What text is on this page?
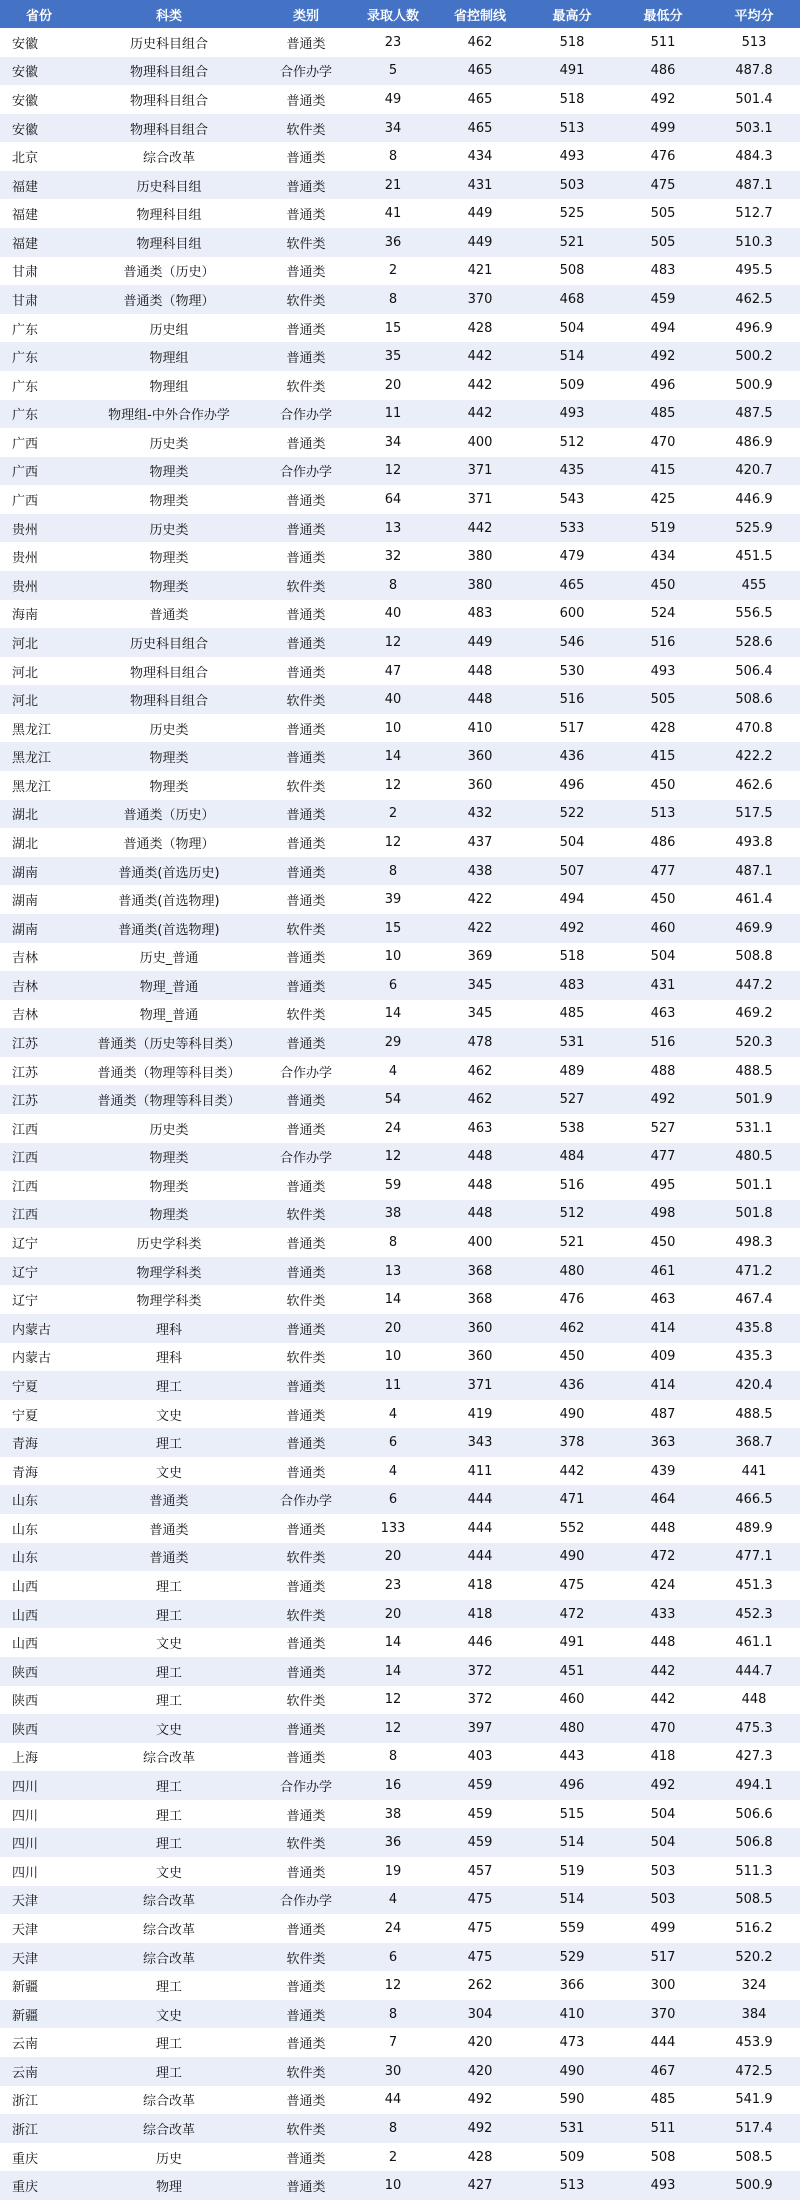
省份	科类	类别	录取人数	省控制线	最高分	最低分	平均分
安徽	历史科目组合	普通类	23	462	518	511	513
安徽	物理科目组合	合作办学	5	465	491	486	487.8
安徽	物理科目组合	普通类	49	465	518	492	501.4
安徽	物理科目组合	软件类	34	465	513	499	503.1
北京	综合改革	普通类	8	434	493	476	484.3
福建	历史科目组	普通类	21	431	503	475	487.1
福建	物理科目组	普通类	41	449	525	505	512.7
福建	物理科目组	软件类	36	449	521	505	510.3
甘肃	普通类（历史）	普通类	2	421	508	483	495.5
甘肃	普通类（物理）	软件类	8	370	468	459	462.5
广东	历史组	普通类	15	428	504	494	496.9
广东	物理组	普通类	35	442	514	492	500.2
广东	物理组	软件类	20	442	509	496	500.9
广东	物理组-中外合作办学	合作办学	11	442	493	485	487.5
广西	历史类	普通类	34	400	512	470	486.9
广西	物理类	合作办学	12	371	435	415	420.7
广西	物理类	普通类	64	371	543	425	446.9
贵州	历史类	普通类	13	442	533	519	525.9
贵州	物理类	普通类	32	380	479	434	451.5
贵州	物理类	软件类	8	380	465	450	455
海南	普通类	普通类	40	483	600	524	556.5
河北	历史科目组合	普通类	12	449	546	516	528.6
河北	物理科目组合	普通类	47	448	530	493	506.4
河北	物理科目组合	软件类	40	448	516	505	508.6
黑龙江	历史类	普通类	10	410	517	428	470.8
黑龙江	物理类	普通类	14	360	436	415	422.2
黑龙江	物理类	软件类	12	360	496	450	462.6
湖北	普通类（历史）	普通类	2	432	522	513	517.5
湖北	普通类（物理）	普通类	12	437	504	486	493.8
湖南	普通类(首选历史)	普通类	8	438	507	477	487.1
湖南	普通类(首选物理)	普通类	39	422	494	450	461.4
湖南	普通类(首选物理)	软件类	15	422	492	460	469.9
吉林	历史_普通	普通类	10	369	518	504	508.8
吉林	物理_普通	普通类	6	345	483	431	447.2
吉林	物理_普通	软件类	14	345	485	463	469.2
江苏	普通类（历史等科目类）	普通类	29	478	531	516	520.3
江苏	普通类（物理等科目类）	合作办学	4	462	489	488	488.5
江苏	普通类（物理等科目类）	普通类	54	462	527	492	501.9
江西	历史类	普通类	24	463	538	527	531.1
江西	物理类	合作办学	12	448	484	477	480.5
江西	物理类	普通类	59	448	516	495	501.1
江西	物理类	软件类	38	448	512	498	501.8
辽宁	历史学科类	普通类	8	400	521	450	498.3
辽宁	物理学科类	普通类	13	368	480	461	471.2
辽宁	物理学科类	软件类	14	368	476	463	467.4
内蒙古	理科	普通类	20	360	462	414	435.8
内蒙古	理科	软件类	10	360	450	409	435.3
宁夏	理工	普通类	11	371	436	414	420.4
宁夏	文史	普通类	4	419	490	487	488.5
青海	理工	普通类	6	343	378	363	368.7
青海	文史	普通类	4	411	442	439	441
山东	普通类	合作办学	6	444	471	464	466.5
山东	普通类	普通类	133	444	552	448	489.9
山东	普通类	软件类	20	444	490	472	477.1
山西	理工	普通类	23	418	475	424	451.3
山西	理工	软件类	20	418	472	433	452.3
山西	文史	普通类	14	446	491	448	461.1
陕西	理工	普通类	14	372	451	442	444.7
陕西	理工	软件类	12	372	460	442	448
陕西	文史	普通类	12	397	480	470	475.3
上海	综合改革	普通类	8	403	443	418	427.3
四川	理工	合作办学	16	459	496	492	494.1
四川	理工	普通类	38	459	515	504	506.6
四川	理工	软件类	36	459	514	504	506.8
四川	文史	普通类	19	457	519	503	511.3
天津	综合改革	合作办学	4	475	514	503	508.5
天津	综合改革	普通类	24	475	559	499	516.2
天津	综合改革	软件类	6	475	529	517	520.2
新疆	理工	普通类	12	262	366	300	324
新疆	文史	普通类	8	304	410	370	384
云南	理工	普通类	7	420	473	444	453.9
云南	理工	软件类	30	420	490	467	472.5
浙江	综合改革	普通类	44	492	590	485	541.9
浙江	综合改革	软件类	8	492	531	511	517.4
重庆	历史	普通类	2	428	509	508	508.5
重庆	物理	普通类	10	427	513	493	500.9
